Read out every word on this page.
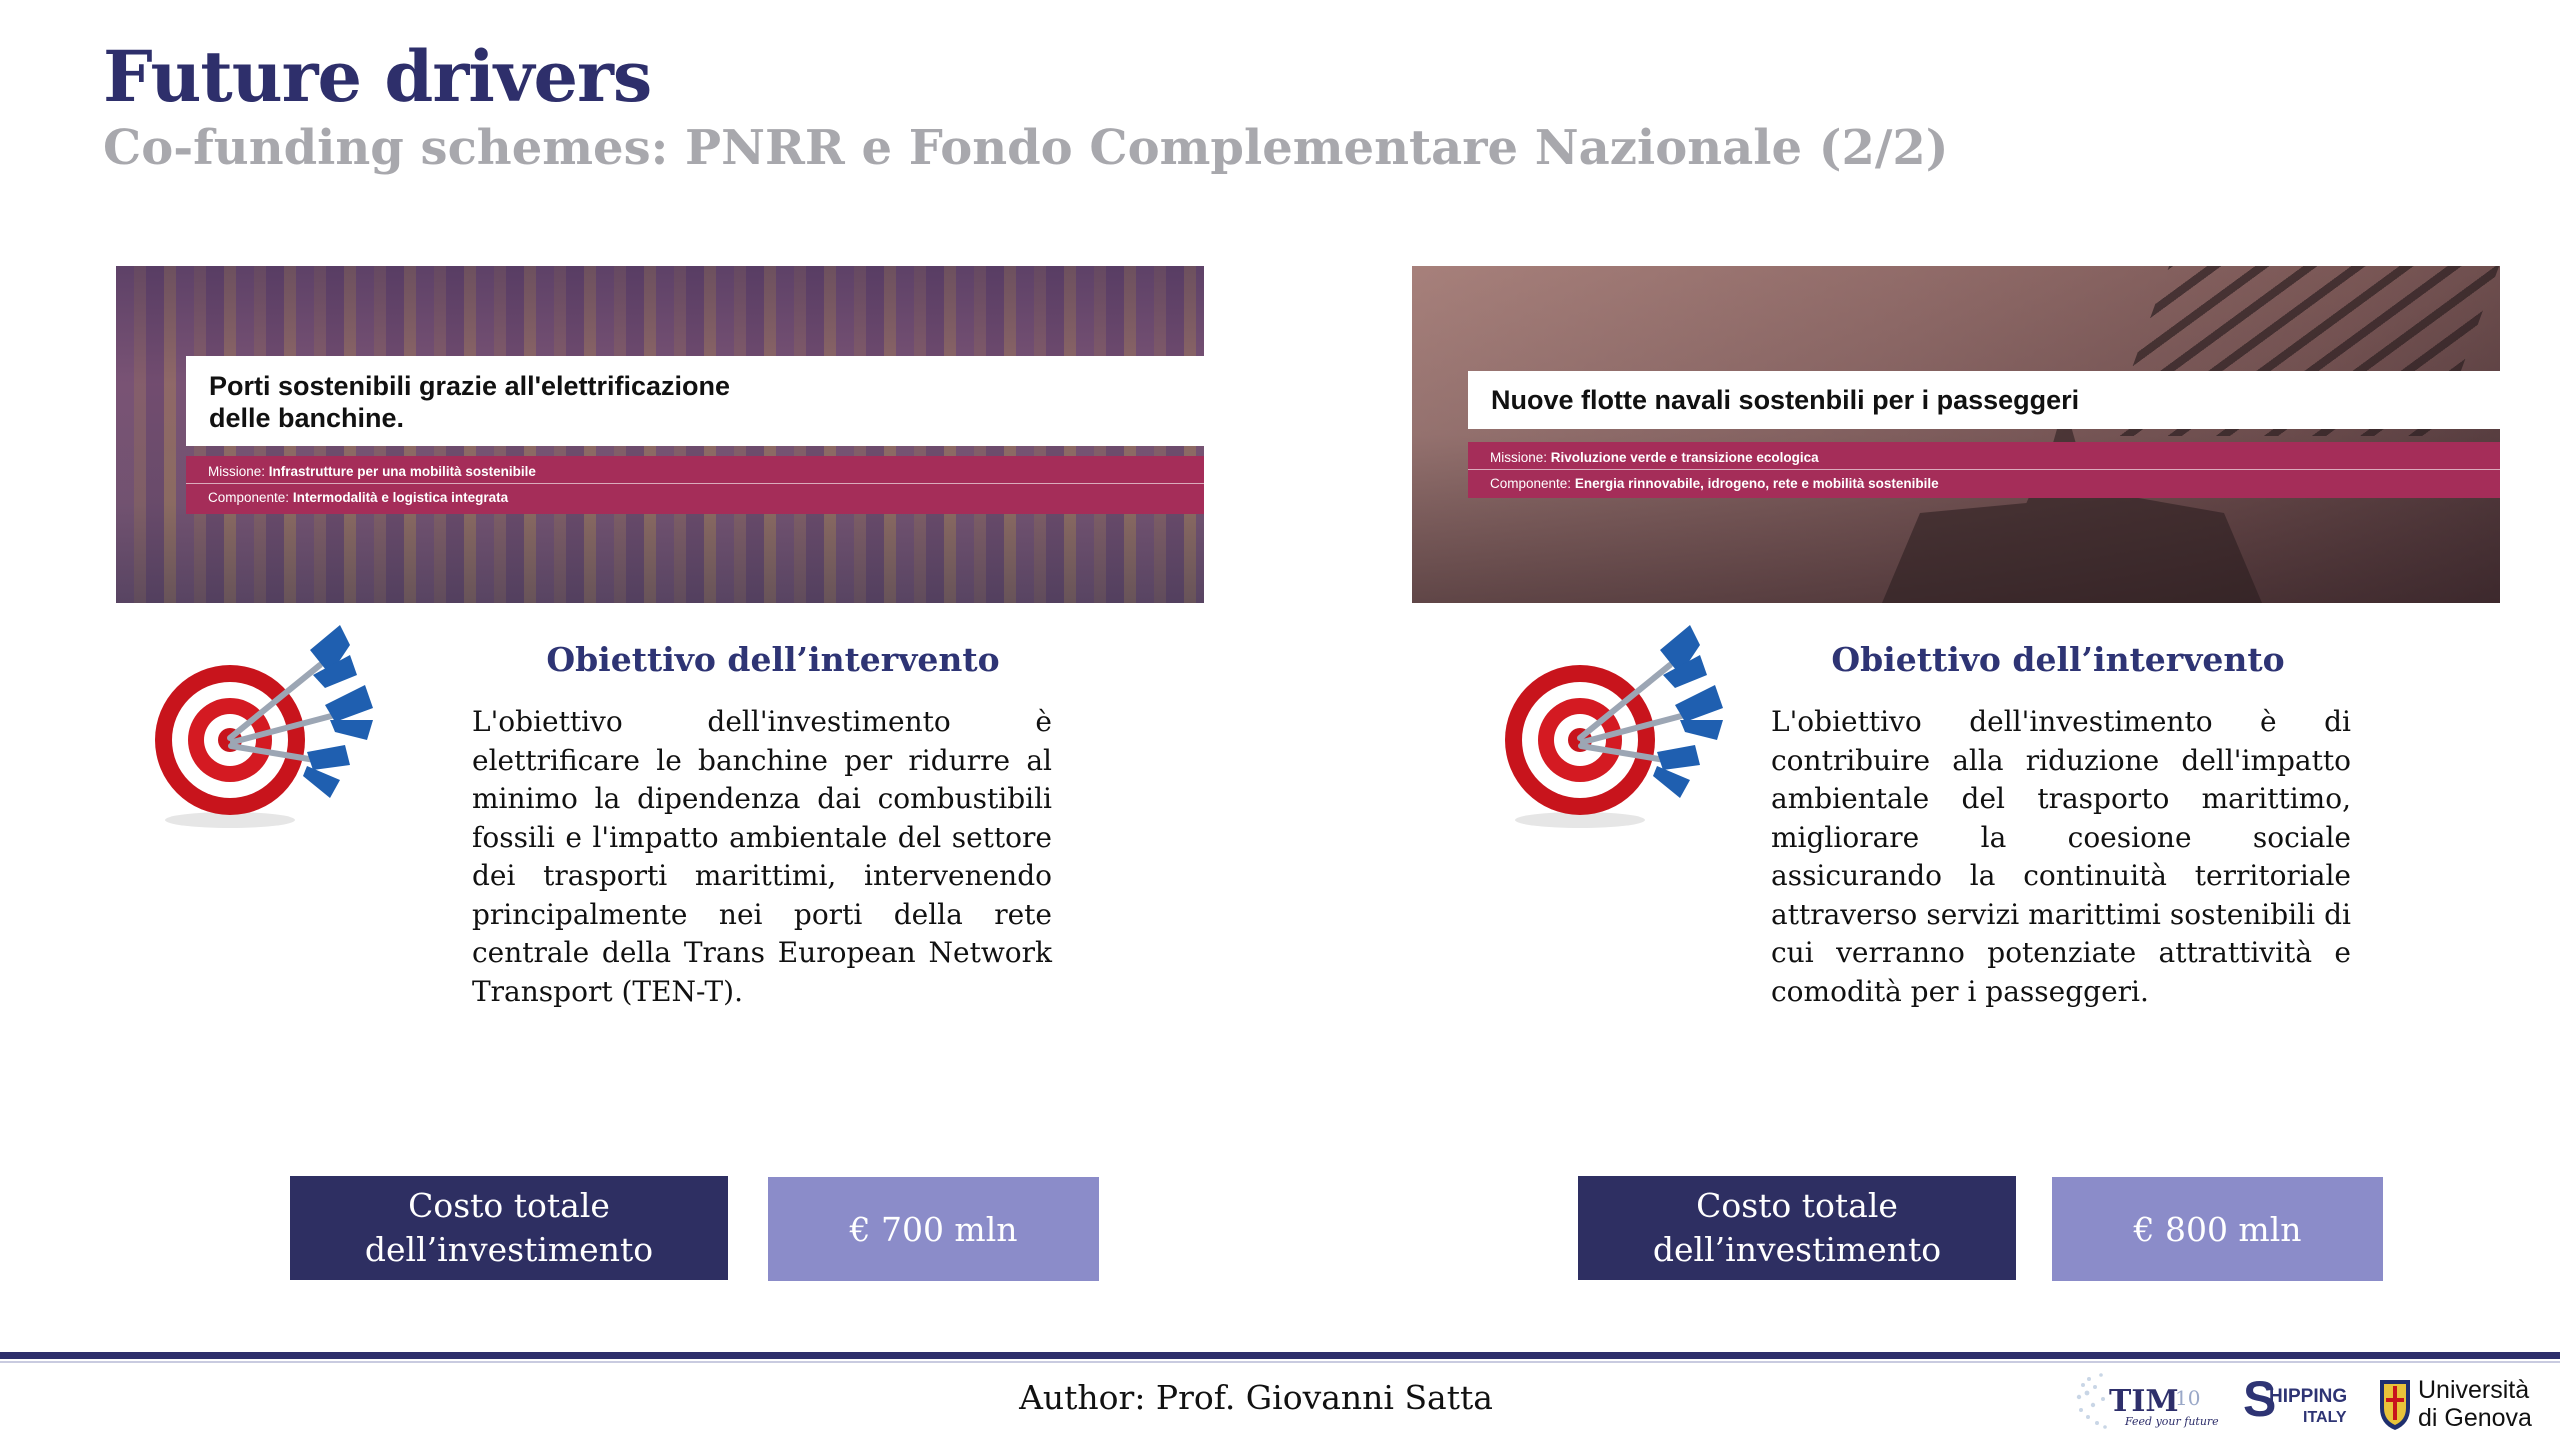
Future drivers
Co-funding schemes: PNRR e Fondo Complementare Nazionale (2/2)
Porti sostenibili grazie all'elettrificazione
delle banchine.
Missione: Infrastrutture per una mobilità sostenibile
Componente: Intermodalità e logistica integrata
Nuove flotte navali sostenbili per i passeggeri
Missione: Rivoluzione verde e transizione ecologica
Componente: Energia rinnovabile, idrogeno, rete e mobilità sostenibile
Obiettivo dell’intervento

L'obiettivo dell'investimento è elettrificare le banchine per ridurre al minimo la dipendenza dai combustibili fossili e l'impatto ambientale del settore dei trasporti marittimi, intervenendo principalmente nei porti della rete centrale della Trans European Network Transport (TEN-T).

Obiettivo dell’intervento

L'obiettivo dell'investimento è di contribuire alla riduzione dell'impatto ambientale del trasporto marittimo, migliorare la coesione sociale assicurando la continuità territoriale attraverso servizi marittimi sostenibili di cui verranno potenziate attrattività e comodità per i passeggeri.

Costo totale
dell’investimento
€ 700 mln
Costo totale
dell’investimento
€ 800 mln
Author: Prof. Giovanni Satta	TIM
10
Feed your future S
HIPPING
ITALY
Università
di Genova
